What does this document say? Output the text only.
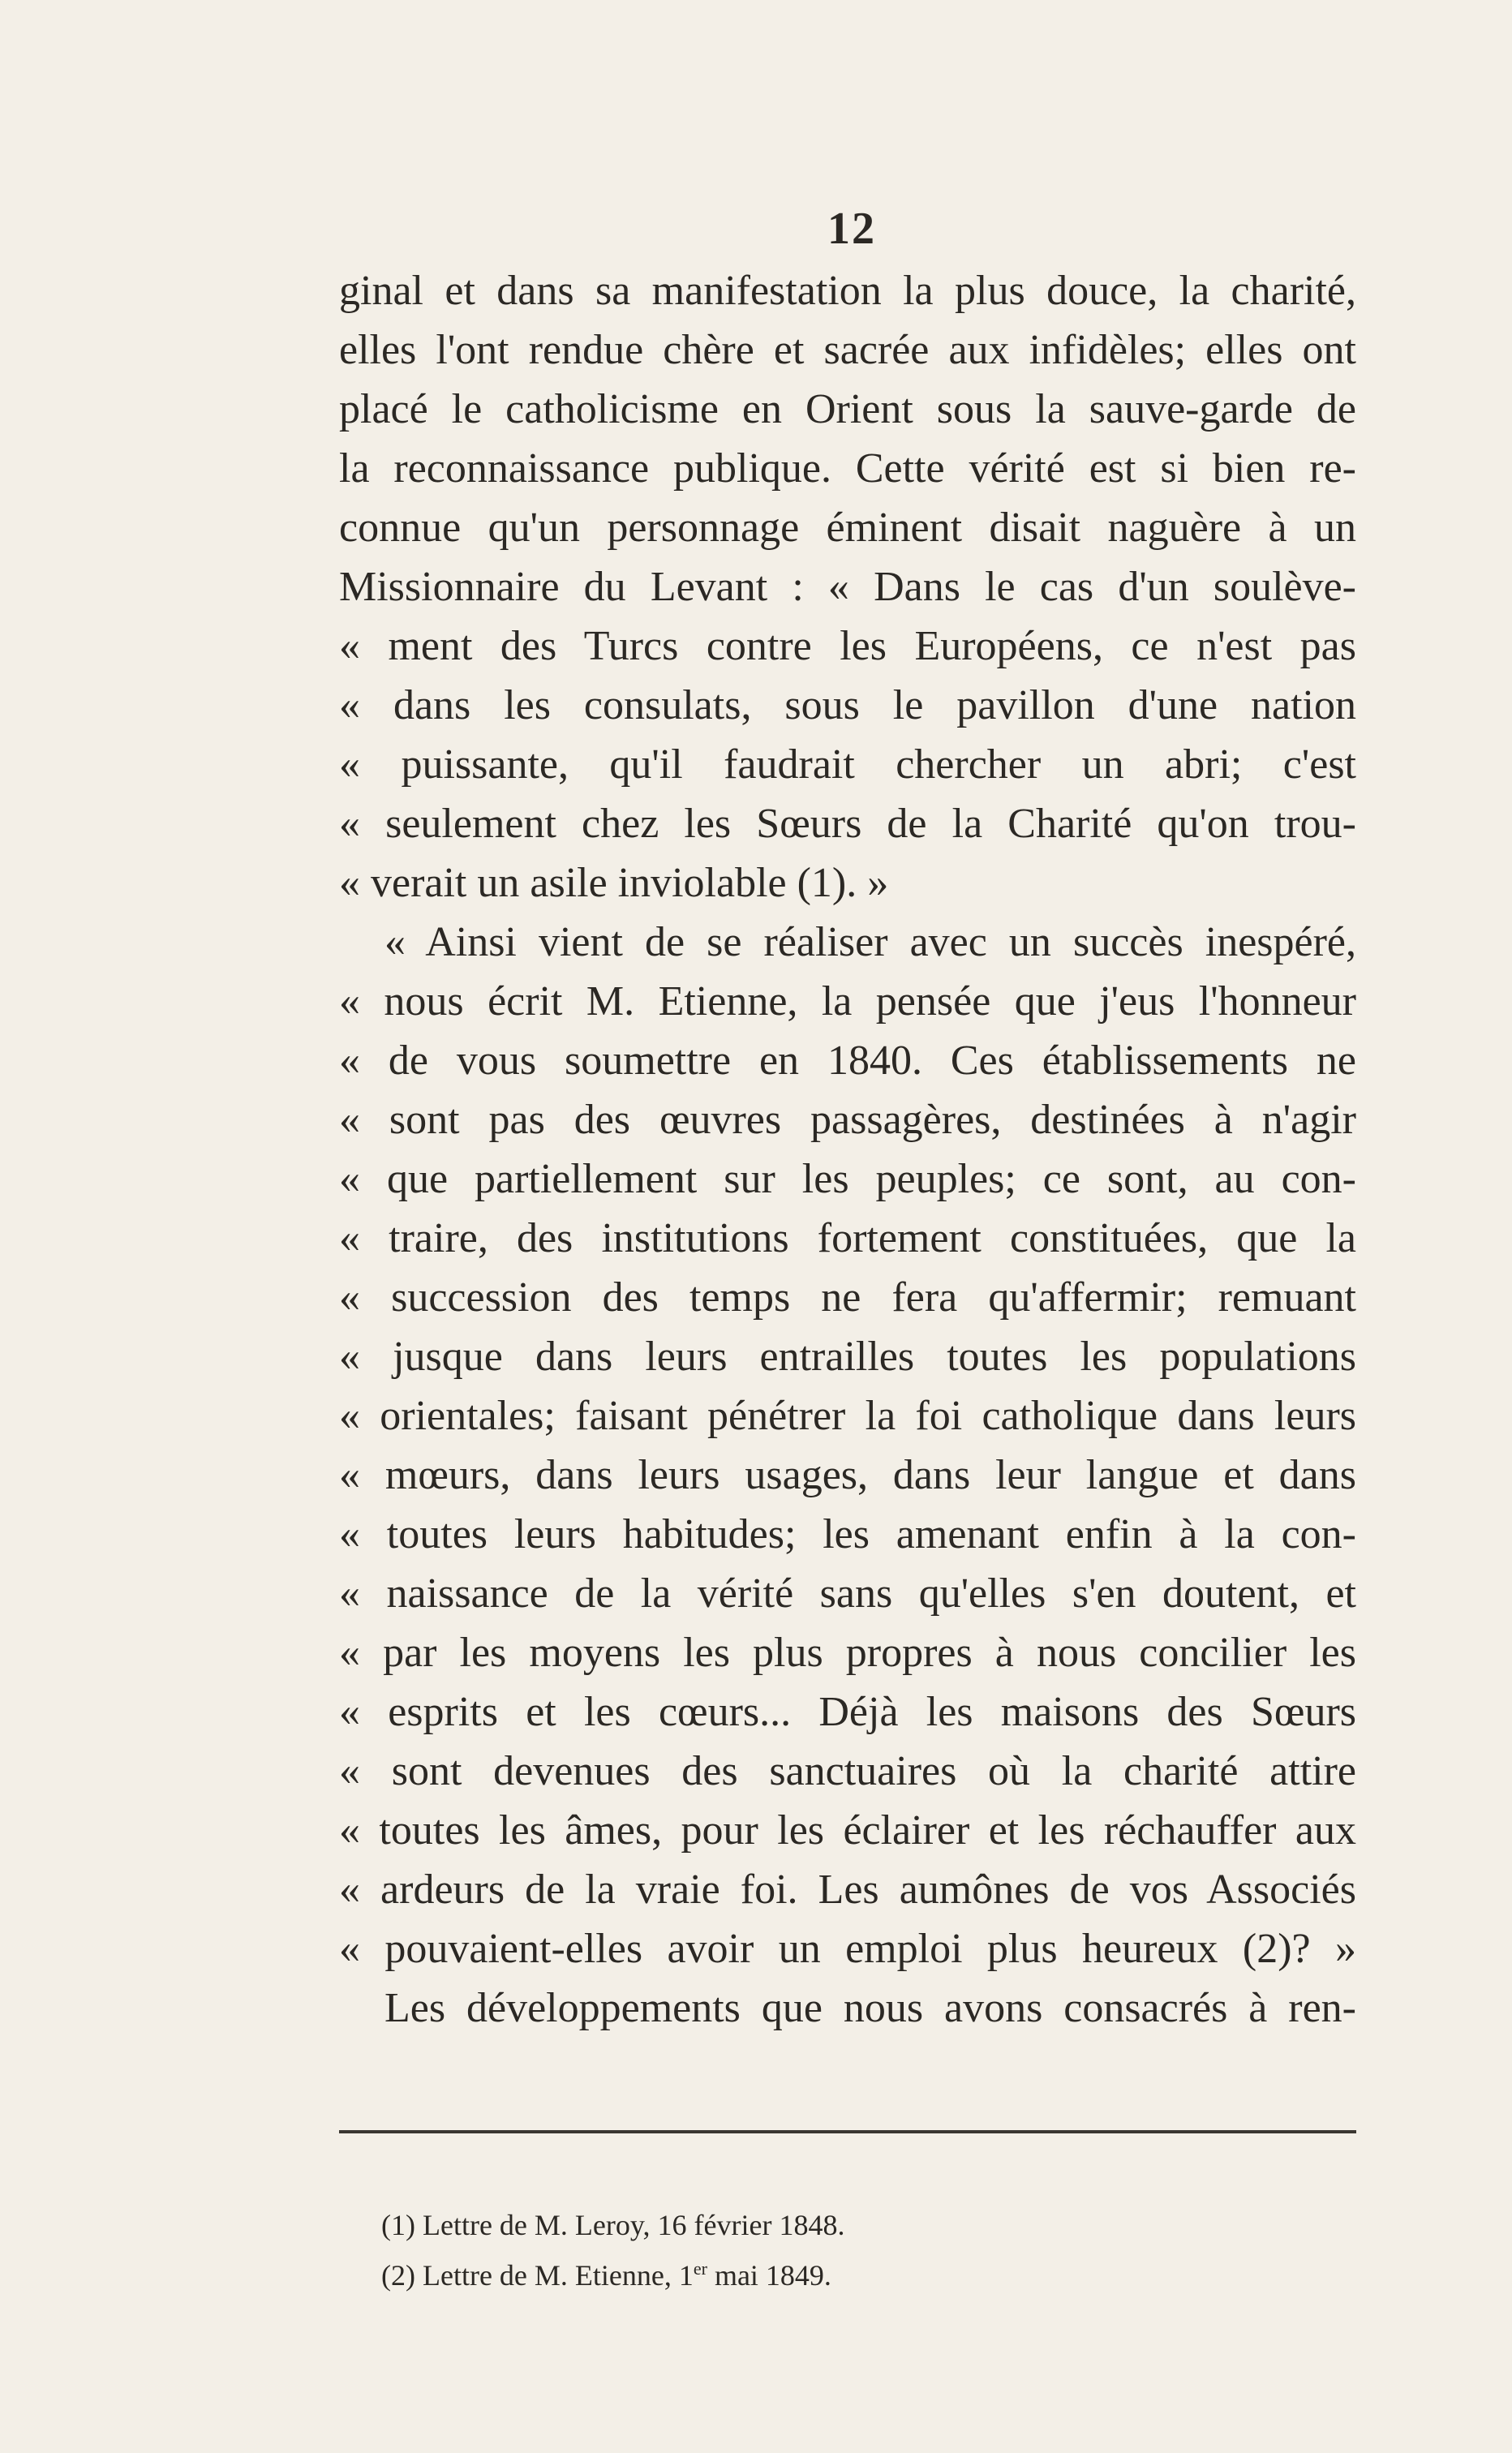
12
ginal et dans sa manifestation la plus douce, la charité,
elles l'ont rendue chère et sacrée aux infidèles; elles ont
placé le catholicisme en Orient sous la sauve-garde de
la reconnaissance publique. Cette vérité est si bien re-
connue qu'un personnage éminent disait naguère à un
Missionnaire du Levant : « Dans le cas d'un soulève-
« ment des Turcs contre les Européens, ce n'est pas
« dans les consulats, sous le pavillon d'une nation
« puissante, qu'il faudrait chercher un abri; c'est
« seulement chez les Sœurs de la Charité qu'on trou-
« verait un asile inviolable (1). »
« Ainsi vient de se réaliser avec un succès inespéré,
« nous écrit M. Etienne, la pensée que j'eus l'honneur
« de vous soumettre en 1840. Ces établissements ne
« sont pas des œuvres passagères, destinées à n'agir
« que partiellement sur les peuples; ce sont, au con-
« traire, des institutions fortement constituées, que la
« succession des temps ne fera qu'affermir; remuant
« jusque dans leurs entrailles toutes les populations
« orientales; faisant pénétrer la foi catholique dans leurs
« mœurs, dans leurs usages, dans leur langue et dans
« toutes leurs habitudes; les amenant enfin à la con-
« naissance de la vérité sans qu'elles s'en doutent, et
« par les moyens les plus propres à nous concilier les
« esprits et les cœurs... Déjà les maisons des Sœurs
« sont devenues des sanctuaires où la charité attire
« toutes les âmes, pour les éclairer et les réchauffer aux
« ardeurs de la vraie foi. Les aumônes de vos Associés
« pouvaient-elles avoir un emploi plus heureux (2)? »
Les développements que nous avons consacrés à ren-
(1) Lettre de M. Leroy, 16 février 1848.
(2) Lettre de M. Etienne, 1er mai 1849.
